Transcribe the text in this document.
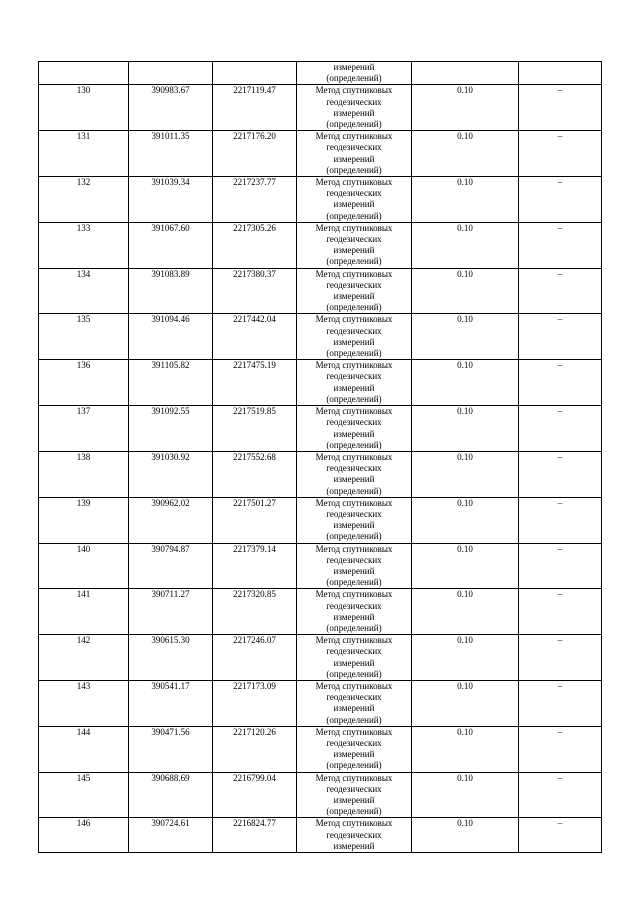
			измерений
(определений)		
130	390983.67	2217119.47	Метод спутниковых
геодезических
измерений
(определений)	0.10	–
131	391011.35	2217176.20	Метод спутниковых
геодезических
измерений
(определений)	0.10	–
132	391039.34	2217237.77	Метод спутниковых
геодезических
измерений
(определений)	0.10	–
133	391067.60	2217305.26	Метод спутниковых
геодезических
измерений
(определений)	0.10	–
134	391083.89	2217380.37	Метод спутниковых
геодезических
измерений
(определений)	0.10	–
135	391094.46	2217442.04	Метод спутниковых
геодезических
измерений
(определений)	0.10	–
136	391105.82	2217475.19	Метод спутниковых
геодезических
измерений
(определений)	0.10	–
137	391092.55	2217519.85	Метод спутниковых
геодезических
измерений
(определений)	0.10	–
138	391030.92	2217552.68	Метод спутниковых
геодезических
измерений
(определений)	0.10	–
139	390962.02	2217501.27	Метод спутниковых
геодезических
измерений
(определений)	0.10	–
140	390794.87	2217379.14	Метод спутниковых
геодезических
измерений
(определений)	0.10	–
141	390711.27	2217320.85	Метод спутниковых
геодезических
измерений
(определений)	0.10	–
142	390615.30	2217246.07	Метод спутниковых
геодезических
измерений
(определений)	0.10	–
143	390541.17	2217173.09	Метод спутниковых
геодезических
измерений
(определений)	0.10	–
144	390471.56	2217120.26	Метод спутниковых
геодезических
измерений
(определений)	0.10	–
145	390688.69	2216799.04	Метод спутниковых
геодезических
измерений
(определений)	0.10	–
146	390724.61	2216824.77	Метод спутниковых
геодезических
измерений	0.10	–
